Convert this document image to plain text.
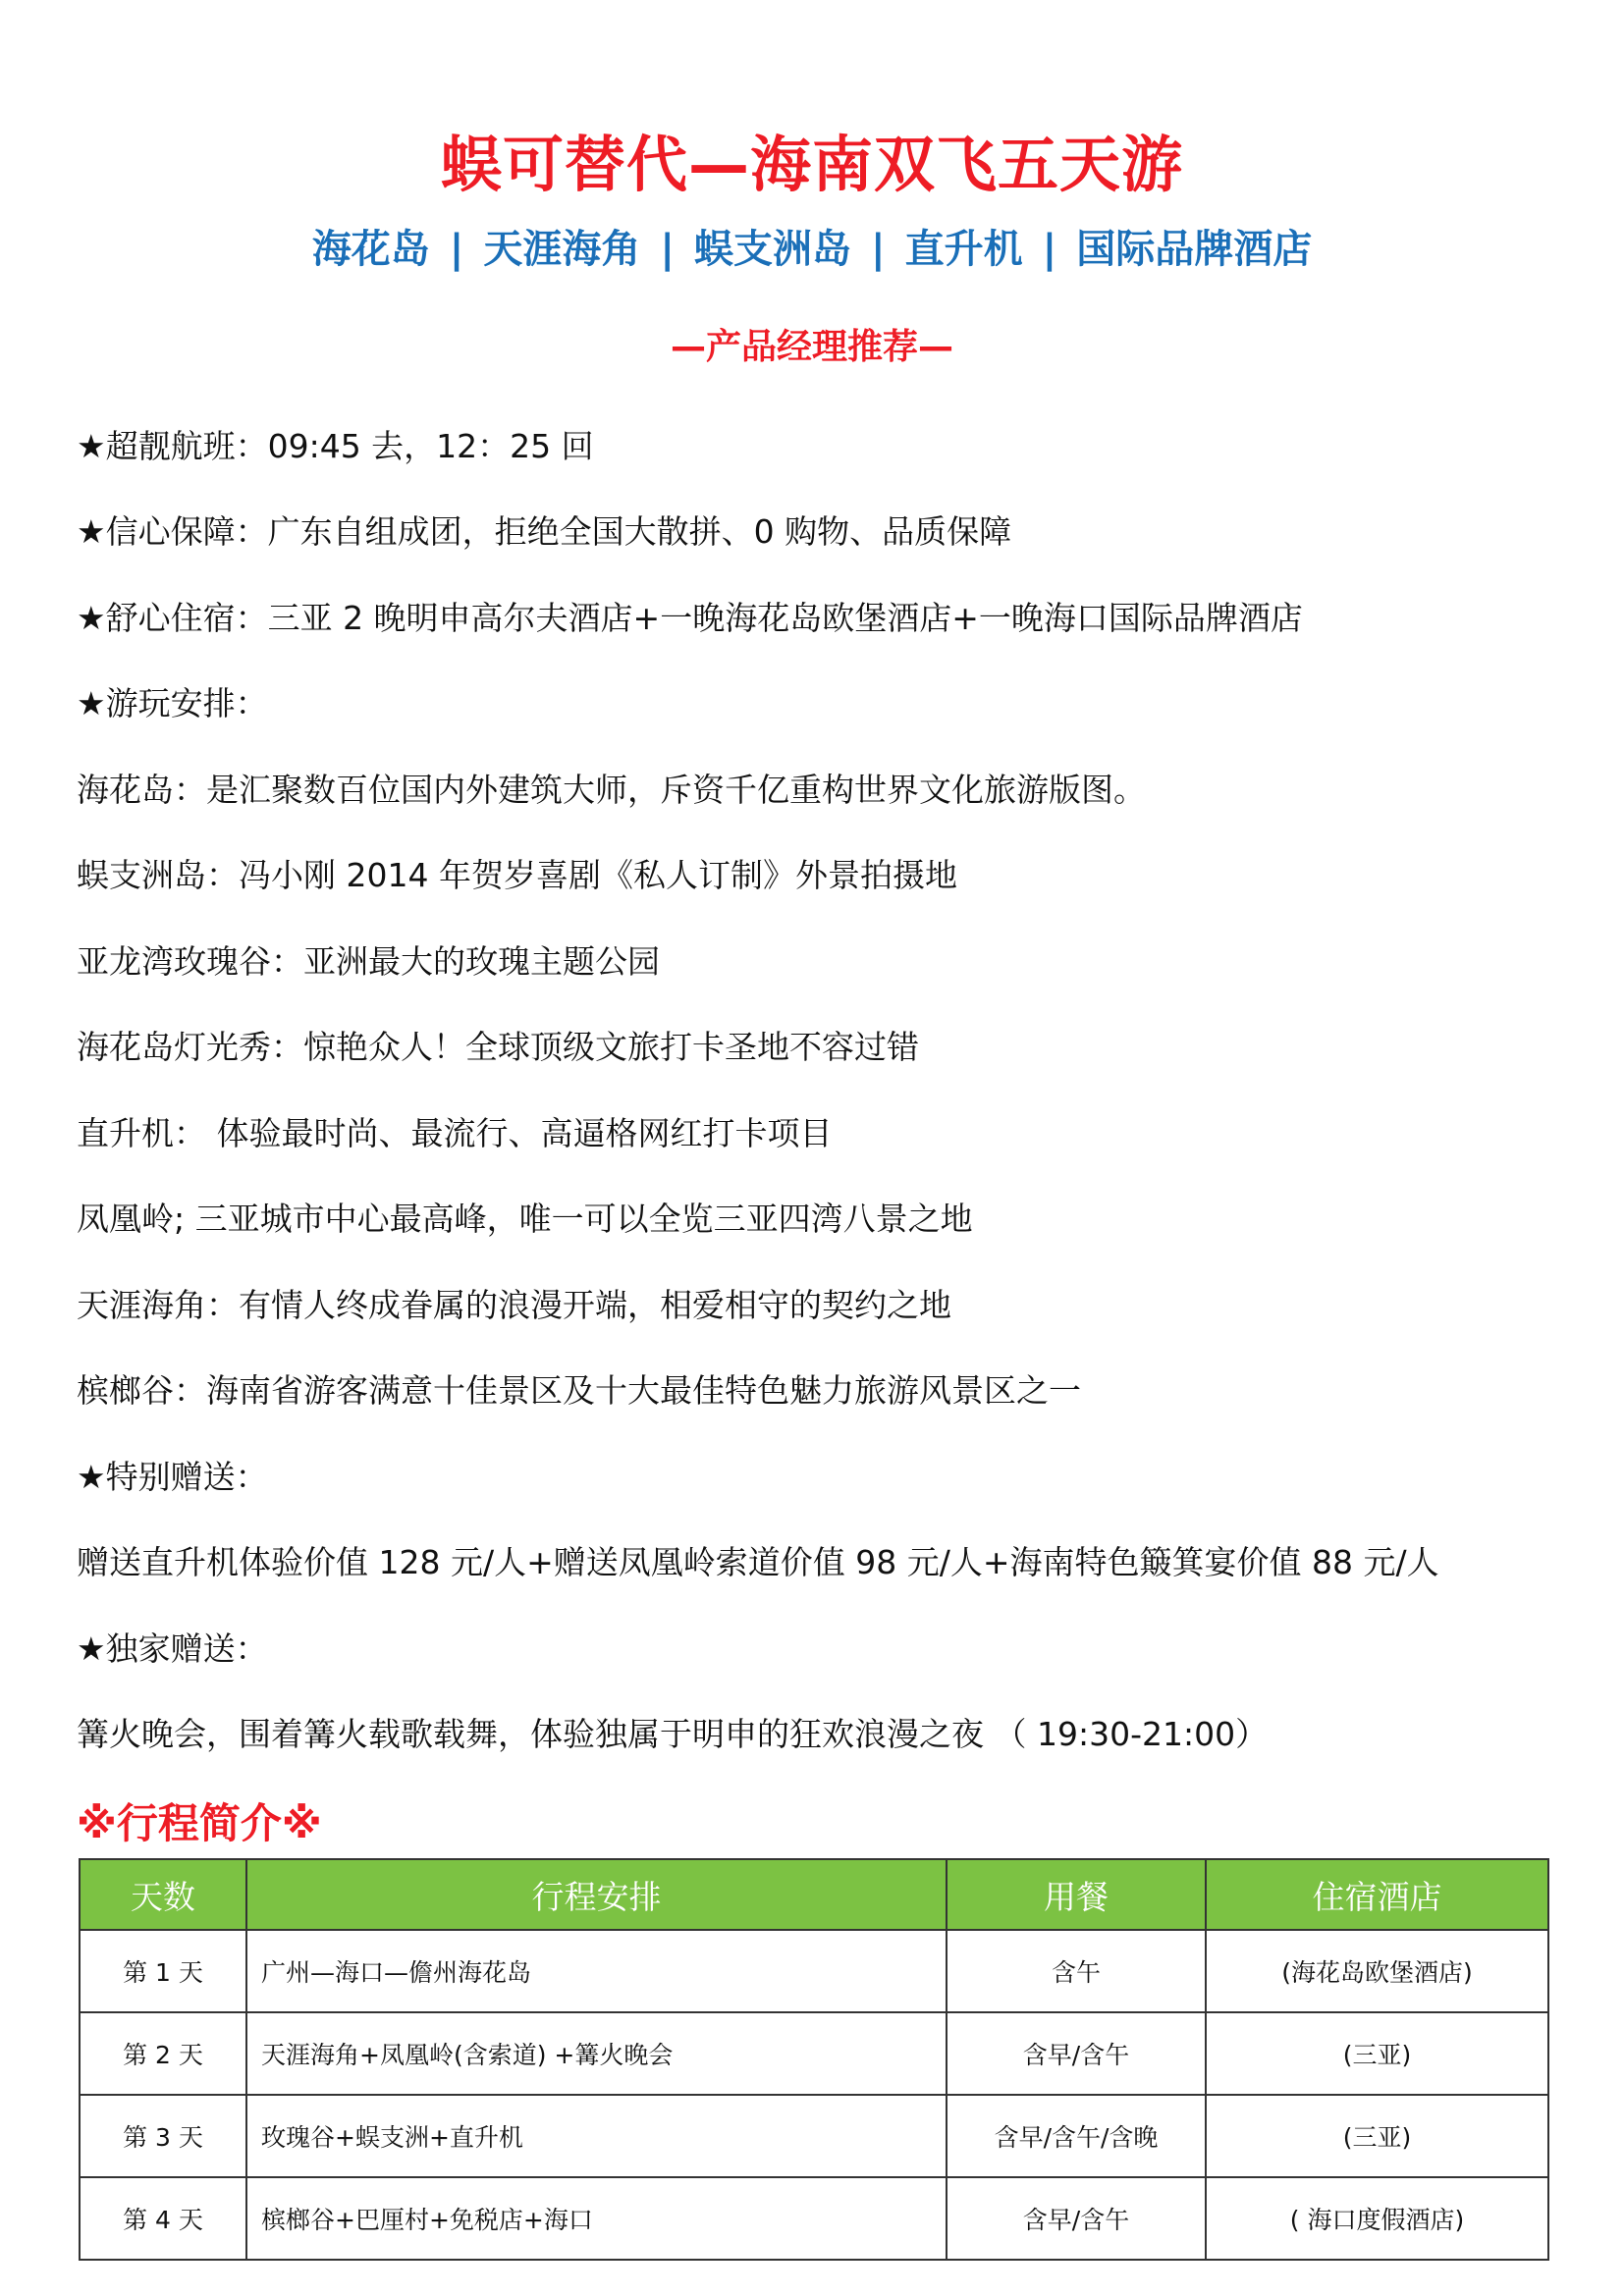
蜈可替代—海南双飞五天游
海花岛 | 天涯海角 | 蜈支洲岛 | 直升机 | 国际品牌酒店
—产品经理推荐—
★超靓航班：09:45 去，12：25 回
★信心保障：广东自组成团，拒绝全国大散拼、0 购物、品质保障
★舒心住宿：三亚 2 晚明申高尔夫酒店+一晚海花岛欧堡酒店+一晚海口国际品牌酒店
★游玩安排：
海花岛：是汇聚数百位国内外建筑大师，斥资千亿重构世界文化旅游版图。
蜈支洲岛：冯小刚 2014 年贺岁喜剧《私人订制》外景拍摄地
亚龙湾玫瑰谷：亚洲最大的玫瑰主题公园
海花岛灯光秀：惊艳众人！全球顶级文旅打卡圣地不容过错
直升机： 体验最时尚、最流行、高逼格网红打卡项目
凤凰岭; 三亚城市中心最高峰，唯一可以全览三亚四湾八景之地
天涯海角：有情人终成眷属的浪漫开端，相爱相守的契约之地
槟榔谷：海南省游客满意十佳景区及十大最佳特色魅力旅游风景区之一
★特别赠送：
赠送直升机体验价值 128 元/人+赠送凤凰岭索道价值 98 元/人+海南特色簸箕宴价值 88 元/人
★独家赠送：
篝火晚会，围着篝火载歌载舞，体验独属于明申的狂欢浪漫之夜 （ 19:30-21:00）
※行程简介※
天数	行程安排	用餐	住宿酒店
第 1 天	广州—海口—儋州海花岛	含午	(海花岛欧堡酒店)
第 2 天	天涯海角+凤凰岭(含索道) +篝火晚会	含早/含午	(三亚)
第 3 天	玫瑰谷+蜈支洲+直升机	含早/含午/含晚	(三亚)
第 4 天	槟榔谷+巴厘村+免税店+海口	含早/含午	( 海口度假酒店)
